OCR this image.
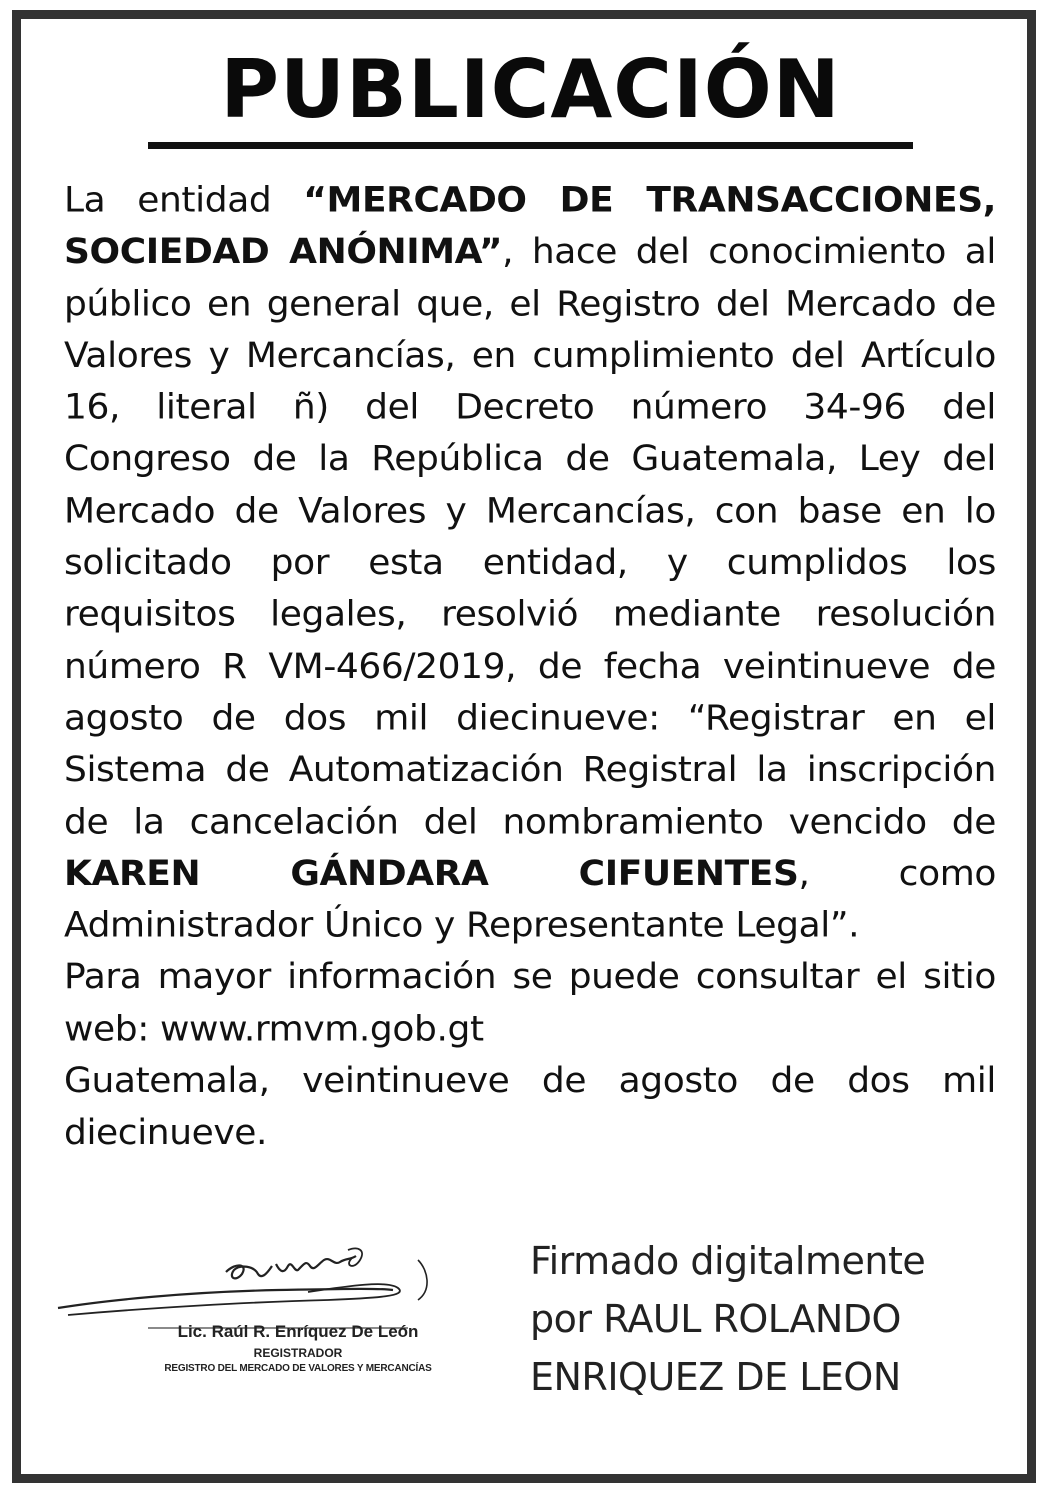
PUBLICACIÓN

La entidad “MERCADO DE TRANSACCIONES, SOCIEDAD ANÓNIMA”, hace del conocimiento al público en general que, el Registro del Mercado de Valores y Mercancías, en cumplimiento del Artículo 16, literal ñ) del Decreto número 34-96 del Congreso de la República de Guatemala, Ley del Mercado de Valores y Mercancías, con base en lo solicitado por esta entidad, y cumplidos los requisitos legales, resolvió mediante resolución número R VM-466/2019, de fecha veintinueve de agosto de dos mil diecinueve: “Registrar en el Sistema de Automatización Registral la inscripción de la cancelación del nombramiento vencido de KAREN GÁNDARA CIFUENTES, como Administrador Único y Representante Legal”.

Para mayor información se puede consultar el sitio web: www.rmvm.gob.gt

Guatemala, veintinueve de agosto de dos mil diecinueve.

Lic. Raúl R. Enríquez De León
REGISTRADOR
REGISTRO DEL MERCADO DE VALORES Y MERCANCÍAS
Firmado digitalmente
por RAUL ROLANDO
ENRIQUEZ DE LEON
